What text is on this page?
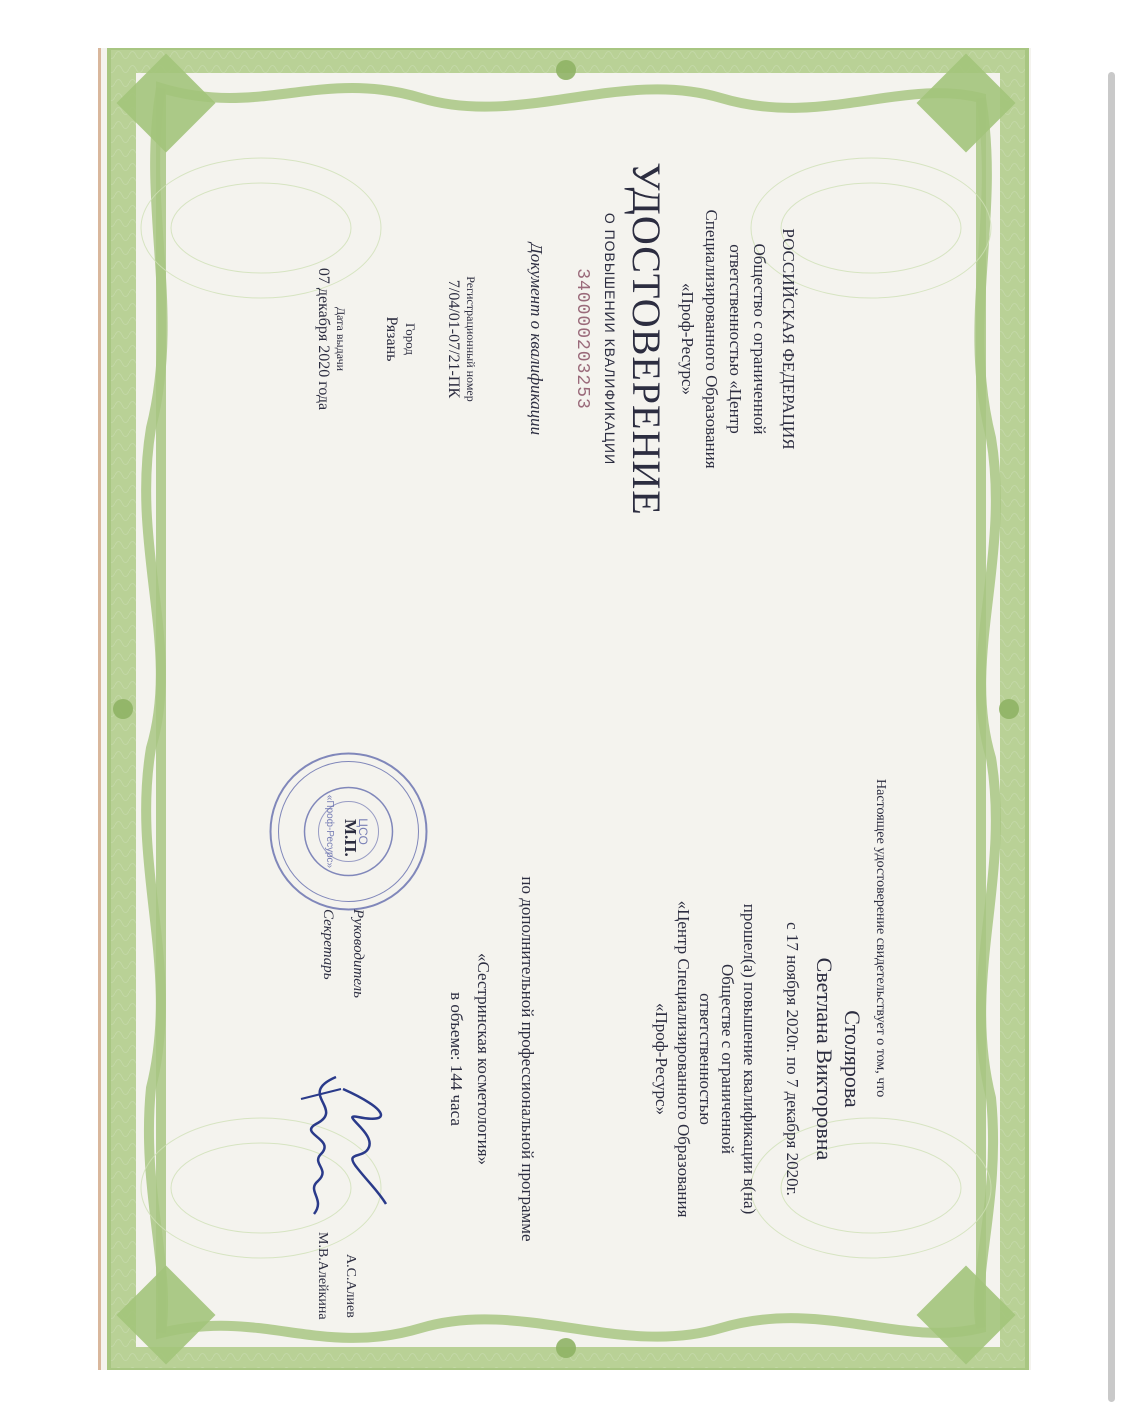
РОССИЙСКАЯ ФЕДЕРАЦИЯ
Общество с ограниченной
ответственностью «Центр
Специализированного Образования
«Проф-Ресурс»
УДОСТОВЕРЕНИЕ
О ПОВЫШЕНИИ КВАЛИФИКАЦИИ
340000203253
Документ о квалификации
Регистрационный номер
7/04/01-07/21-ПК
Город
Рязань
Дата выдачи
07 декабря 2020 года
Настоящее удостоверение свидетельствует о том, что
Столярова
Светлана Викторовна
с 17 ноября 2020г. по 7 декабря 2020г.
прошел(а) повышение квалификации в(на)
Обществе с ограниченной
ответственностью
«Центр Специализированного Образования
«Проф-Ресурс»
по дополнительной профессиональной программе
«Сестринская косметология»
в объеме: 144 часа
ЦСО
«Проф-Ресурс» М.П.
Руководитель
Секретарь
А.С.Алиев
М.В.Алейкина
